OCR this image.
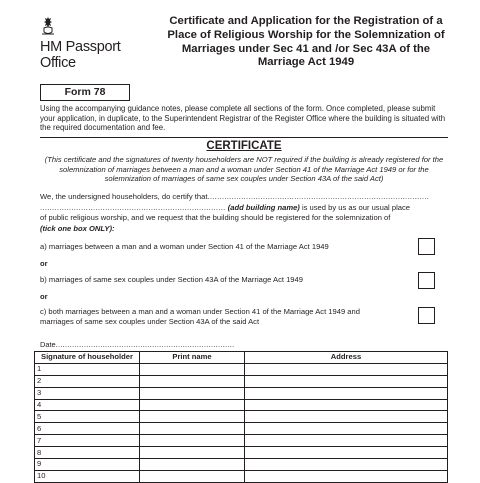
HM Passport
Office
Certificate and Application for the Registration of a Place of Religious Worship for the Solemnization of Marriages under Sec 41 and /or Sec 43A of the Marriage Act 1949
Form 78
Using the accompanying guidance notes, please complete all sections of the form. Once completed, please submit your application, in duplicate, to the Superintendent Registrar of the Register Office where the building is situated with the required documentation and fee.
CERTIFICATE
(This certificate and the signatures of twenty householders are NOT required if the building is already registered for the solemnization of marriages between a man and a woman under Section 41 of the Marriage Act 1949 or for the solemnization of marriages of same sex couples under Section 43A of the said Act)
We, the undersigned householders, do certify that............................................................................................
............................................................................. (add building name) is used by us as our usual place
of public religious worship, and we request that the building should be registered for the solemnization of
(tick one box ONLY):
a) marriages between a man and a woman under Section 41 of the Marriage Act 1949
or
b) marriages of same sex couples under Section 43A of the Marriage Act 1949
or
c) both marriages between a man and a woman under Section 41 of the Marriage Act 1949 and marriages of same sex couples under Section 43A of the said Act
Date............................................................................
Signature of householder	Print name	Address
1		
2		
3		
4		
5		
6		
7		
8		
9		
10		
